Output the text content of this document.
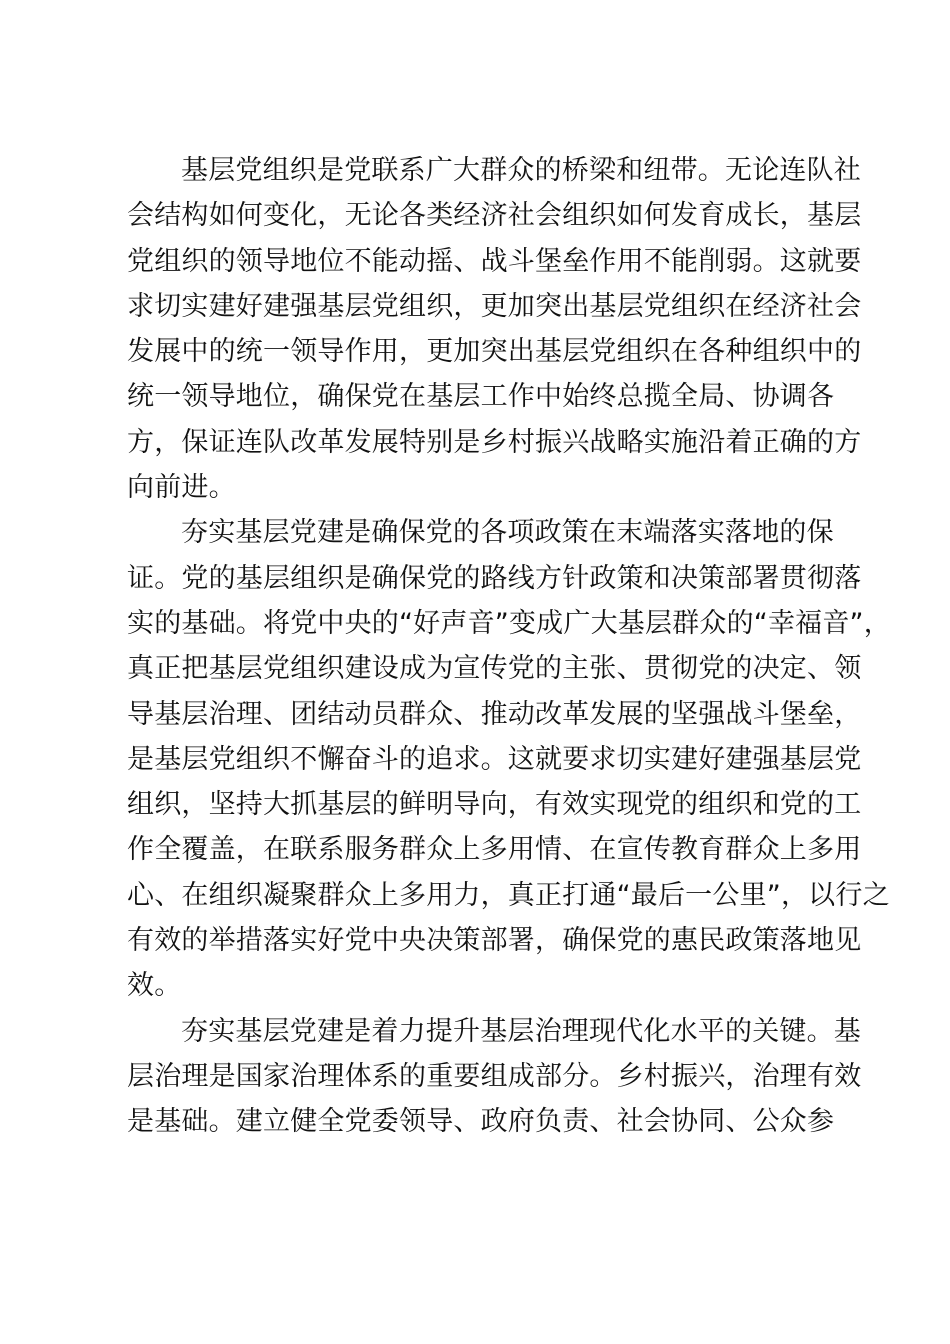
基层党组织是党联系广大群众的桥梁和纽带。无论连队社
会结构如何变化，无论各类经济社会组织如何发育成长，基层
党组织的领导地位不能动摇、战斗堡垒作用不能削弱。这就要
求切实建好建强基层党组织，更加突出基层党组织在经济社会
发展中的统一领导作用，更加突出基层党组织在各种组织中的
统一领导地位，确保党在基层工作中始终总揽全局、协调各
方，保证连队改革发展特别是乡村振兴战略实施沿着正确的方
向前进。

夯实基层党建是确保党的各项政策在末端落实落地的保
证。党的基层组织是确保党的路线方针政策和决策部署贯彻落
实的基础。将党中央的“好声音”变成广大基层群众的“幸福音”，
真正把基层党组织建设成为宣传党的主张、贯彻党的决定、领
导基层治理、团结动员群众、推动改革发展的坚强战斗堡垒，
是基层党组织不懈奋斗的追求。这就要求切实建好建强基层党
组织，坚持大抓基层的鲜明导向，有效实现党的组织和党的工
作全覆盖，在联系服务群众上多用情、在宣传教育群众上多用
心、在组织凝聚群众上多用力，真正打通“最后一公里”，以行之
有效的举措落实好党中央决策部署，确保党的惠民政策落地见
效。

夯实基层党建是着力提升基层治理现代化水平的关键。基
层治理是国家治理体系的重要组成部分。乡村振兴，治理有效
是基础。建立健全党委领导、政府负责、社会协同、公众参
